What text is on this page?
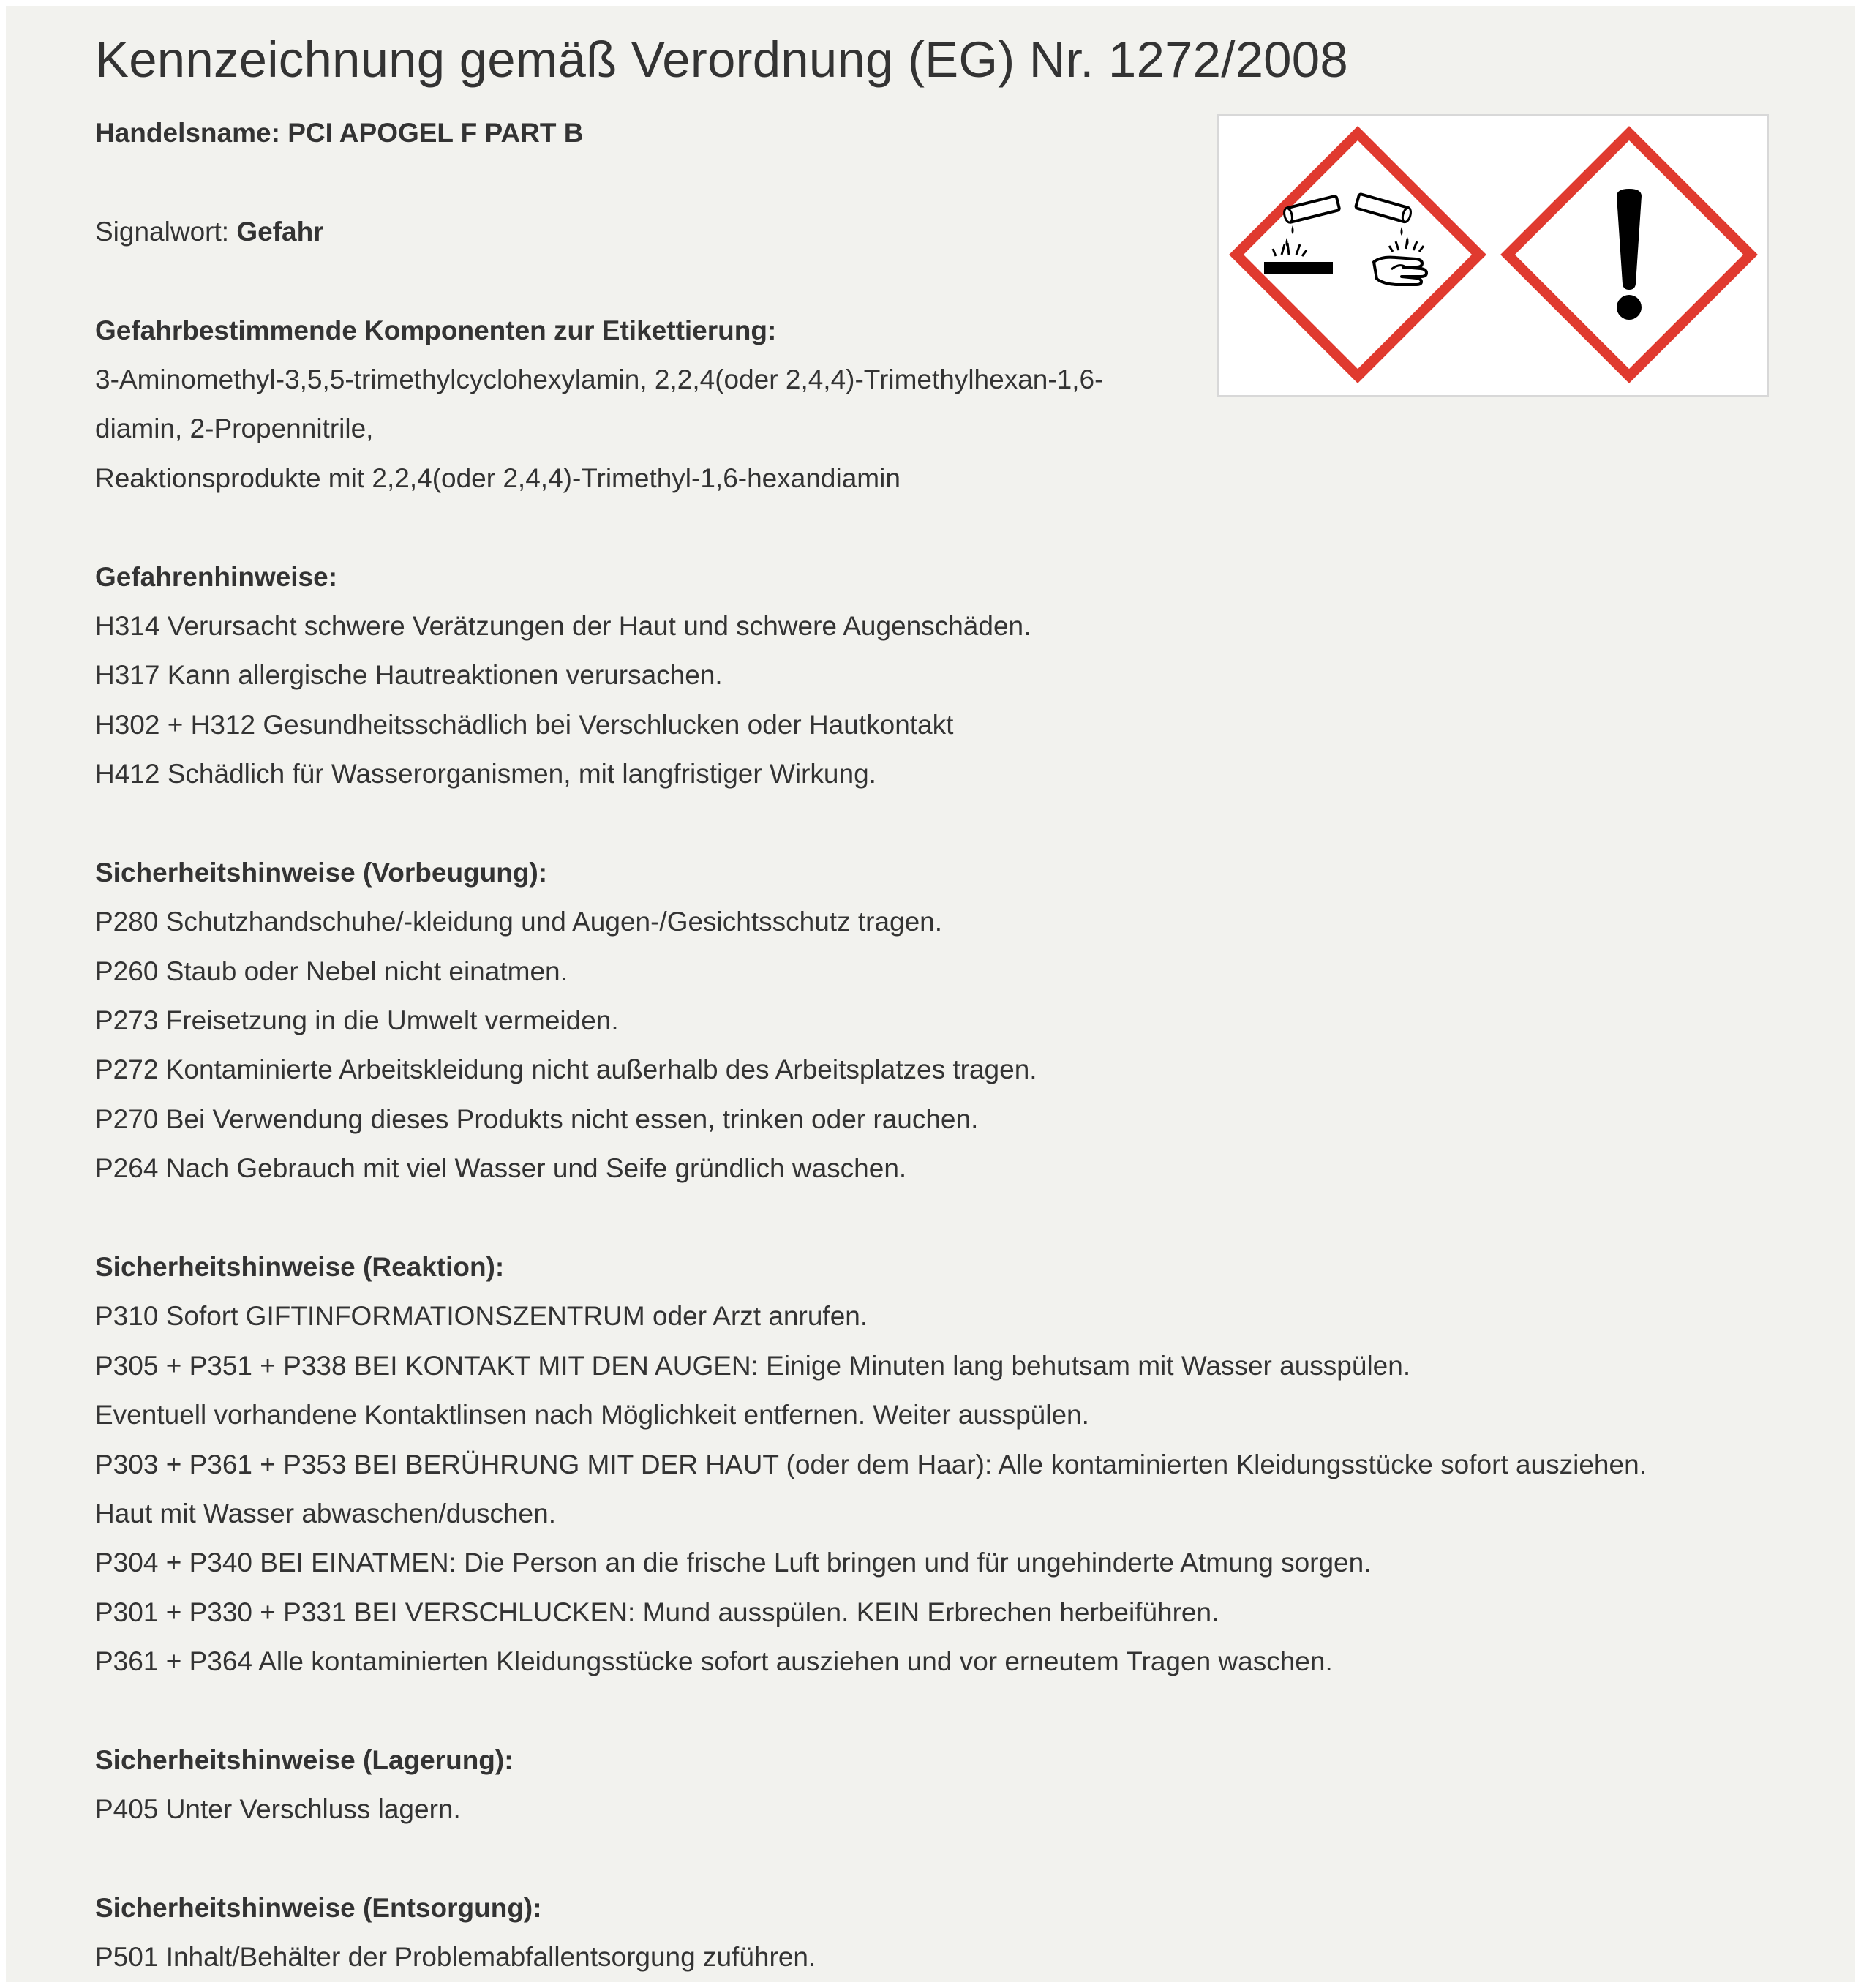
Kennzeichnung gemäß Verordnung (EG) Nr. 1272/2008
Handelsname: PCI APOGEL F PART B
Signalwort: Gefahr
Gefahrbestimmende Komponenten zur Etikettierung:
3-Aminomethyl-3,5,5-trimethylcyclohexylamin, 2,2,4(oder 2,4,4)-Trimethylhexan-1,6-
diamin, 2-Propennitrile,
Reaktionsprodukte mit 2,2,4(oder 2,4,4)-Trimethyl-1,6-hexandiamin
Gefahrenhinweise:
H314 Verursacht schwere Verätzungen der Haut und schwere Augenschäden.
H317 Kann allergische Hautreaktionen verursachen.
H302 + H312 Gesundheitsschädlich bei Verschlucken oder Hautkontakt
H412 Schädlich für Wasserorganismen, mit langfristiger Wirkung.
Sicherheitshinweise (Vorbeugung):
P280 Schutzhandschuhe/-kleidung und Augen-/Gesichtsschutz tragen.
P260 Staub oder Nebel nicht einatmen.
P273 Freisetzung in die Umwelt vermeiden.
P272 Kontaminierte Arbeitskleidung nicht außerhalb des Arbeitsplatzes tragen.
P270 Bei Verwendung dieses Produkts nicht essen, trinken oder rauchen.
P264 Nach Gebrauch mit viel Wasser und Seife gründlich waschen.
Sicherheitshinweise (Reaktion):
P310 Sofort GIFTINFORMATIONSZENTRUM oder Arzt anrufen.
P305 + P351 + P338 BEI KONTAKT MIT DEN AUGEN: Einige Minuten lang behutsam mit Wasser ausspülen.
Eventuell vorhandene Kontaktlinsen nach Möglichkeit entfernen. Weiter ausspülen.
P303 + P361 + P353 BEI BERÜHRUNG MIT DER HAUT (oder dem Haar): Alle kontaminierten Kleidungsstücke sofort ausziehen.
Haut mit Wasser abwaschen/duschen.
P304 + P340 BEI EINATMEN: Die Person an die frische Luft bringen und für ungehinderte Atmung sorgen.
P301 + P330 + P331 BEI VERSCHLUCKEN: Mund ausspülen. KEIN Erbrechen herbeiführen.
P361 + P364 Alle kontaminierten Kleidungsstücke sofort ausziehen und vor erneutem Tragen waschen.
Sicherheitshinweise (Lagerung):
P405 Unter Verschluss lagern.
Sicherheitshinweise (Entsorgung):
P501 Inhalt/Behälter der Problemabfallentsorgung zuführen.
